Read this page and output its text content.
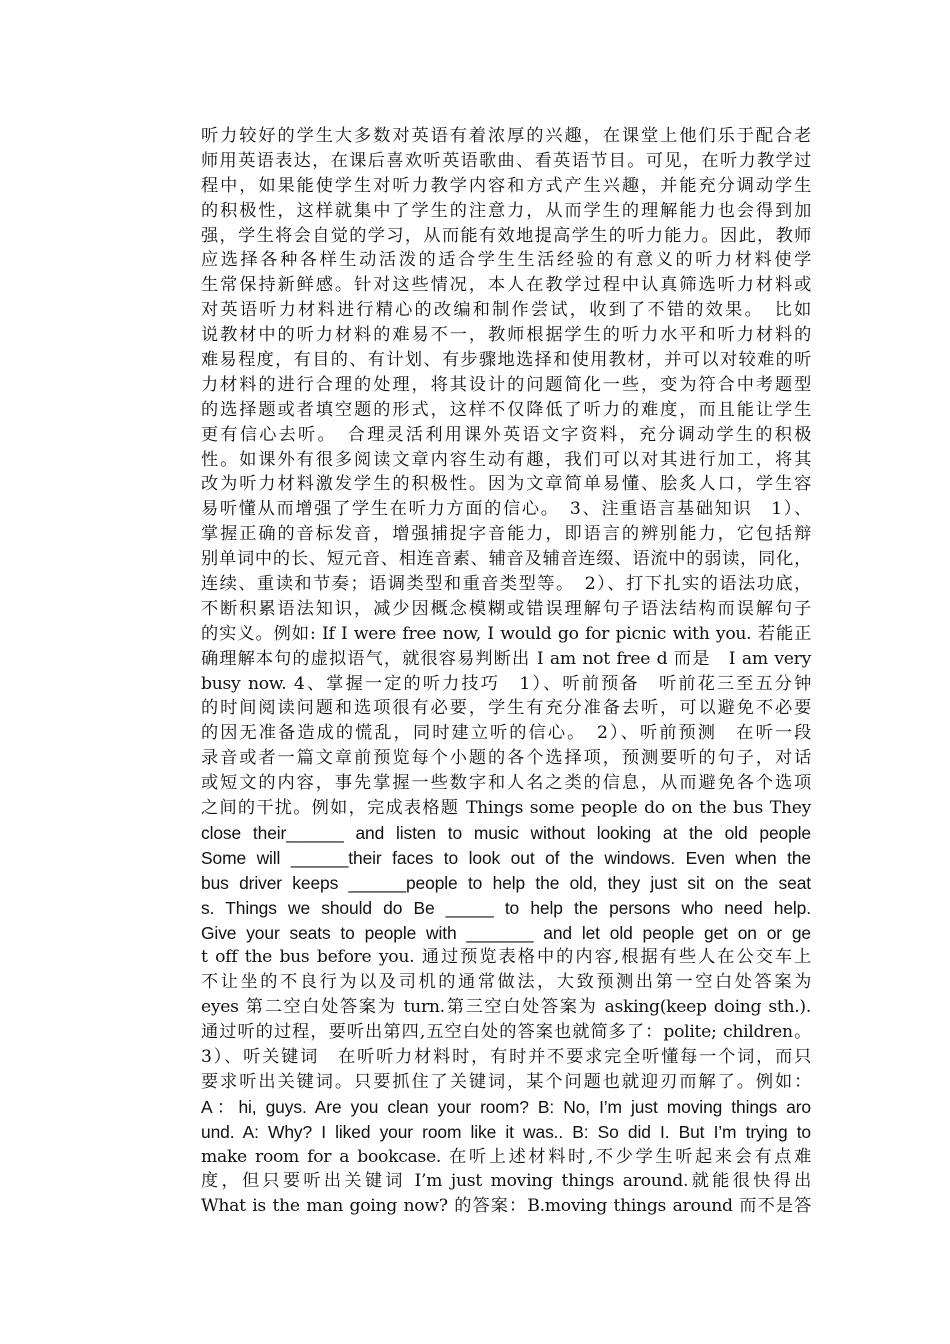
听力较好的学生大多数对英语有着浓厚的兴趣，在课堂上他们乐于配合老
师用英语表达，在课后喜欢听英语歌曲、看英语节目。可见，在听力教学过
程中，如果能使学生对听力教学内容和方式产生兴趣，并能充分调动学生
的积极性，这样就集中了学生的注意力，从而学生的理解能力也会得到加
强，学生将会自觉的学习，从而能有效地提高学生的听力能力。因此，教师
应选择各种各样生动活泼的适合学生生活经验的有意义的听力材料使学
生常保持新鲜感。针对这些情况，本人在教学过程中认真筛选听力材料或
对英语听力材料进行精心的改编和制作尝试，收到了不错的效果。　比如
说教材中的听力材料的难易不一，教师根据学生的听力水平和听力材料的
难易程度，有目的、有计划、有步骤地选择和使用教材，并可以对较难的听
力材料的进行合理的处理，将其设计的问题简化一些，变为符合中考题型
的选择题或者填空题的形式，这样不仅降低了听力的难度，而且能让学生
更有信心去听。　合理灵活利用课外英语文字资料，充分调动学生的积极
性。如课外有很多阅读文章内容生动有趣，我们可以对其进行加工，将其
改为听力材料激发学生的积极性。因为文章简单易懂、脍炙人口，学生容
易听懂从而增强了学生在听力方面的信心。　3、注重语言基础知识　1）、
掌握正确的音标发音，增强捕捉字音能力，即语言的辨别能力，它包括辩
别单词中的长、短元音、相连音素、辅音及辅音连缀、语流中的弱读，同化，
连续、重读和节奏；语调类型和重音类型等。　2）、打下扎实的语法功底，
不断积累语法知识，减少因概念模糊或错误理解句子语法结构而误解句子
的实义。例如: If I were free now, I would go for picnic with you. 若能正
确理解本句的虚拟语气，就很容易判断出 I am not free d 而是　I am very
busy now. 4、掌握一定的听力技巧　1）、听前预备　听前花三至五分钟
的时间阅读问题和选项很有必要，学生有充分准备去听，可以避免不必要
的因无准备造成的慌乱，同时建立听的信心。　2）、听前预测　在听一段
录音或者一篇文章前预览每个小题的各个选择项，预测要听的句子，对话
或短文的内容，事先掌握一些数字和人名之类的信息，从而避免各个选项
之间的干扰。例如，完成表格题 Things some people do on the bus They
close their______ and listen to music without looking at the old people
Some will ______their faces to look out of the windows. Even when the
bus driver keeps ______people to help the old, they just sit on the seat
s. Things we should do Be _____ to help the persons who need help.
Give your seats to people with _______ and let old people get on or ge
t off the bus before you. 通过预览表格中的内容,根据有些人在公交车上
不让坐的不良行为以及司机的通常做法，大致预测出第一空白处答案为
eyes 第二空白处答案为 turn.第三空白处答案为 asking(keep doing sth.).
通过听的过程，要听出第四,五空白处的答案也就简多了：polite; children。
3）、听关键词　在听听力材料时，有时并不要求完全听懂每一个词，而只
要求听出关键词。只要抓住了关键词，某个问题也就迎刃而解了。例如：
A：hi, guys. Are you clean your room? B: No, I’m just moving things aro
und. A: Why? I liked your room like it was.. B: So did I. But I’m trying to
make room for a bookcase. 在听上述材料时,不少学生听起来会有点难
度，但只要听出关键词 I’m just moving things around.就能很快得出
What is the man going now? 的答案：B.moving things around 而不是答
